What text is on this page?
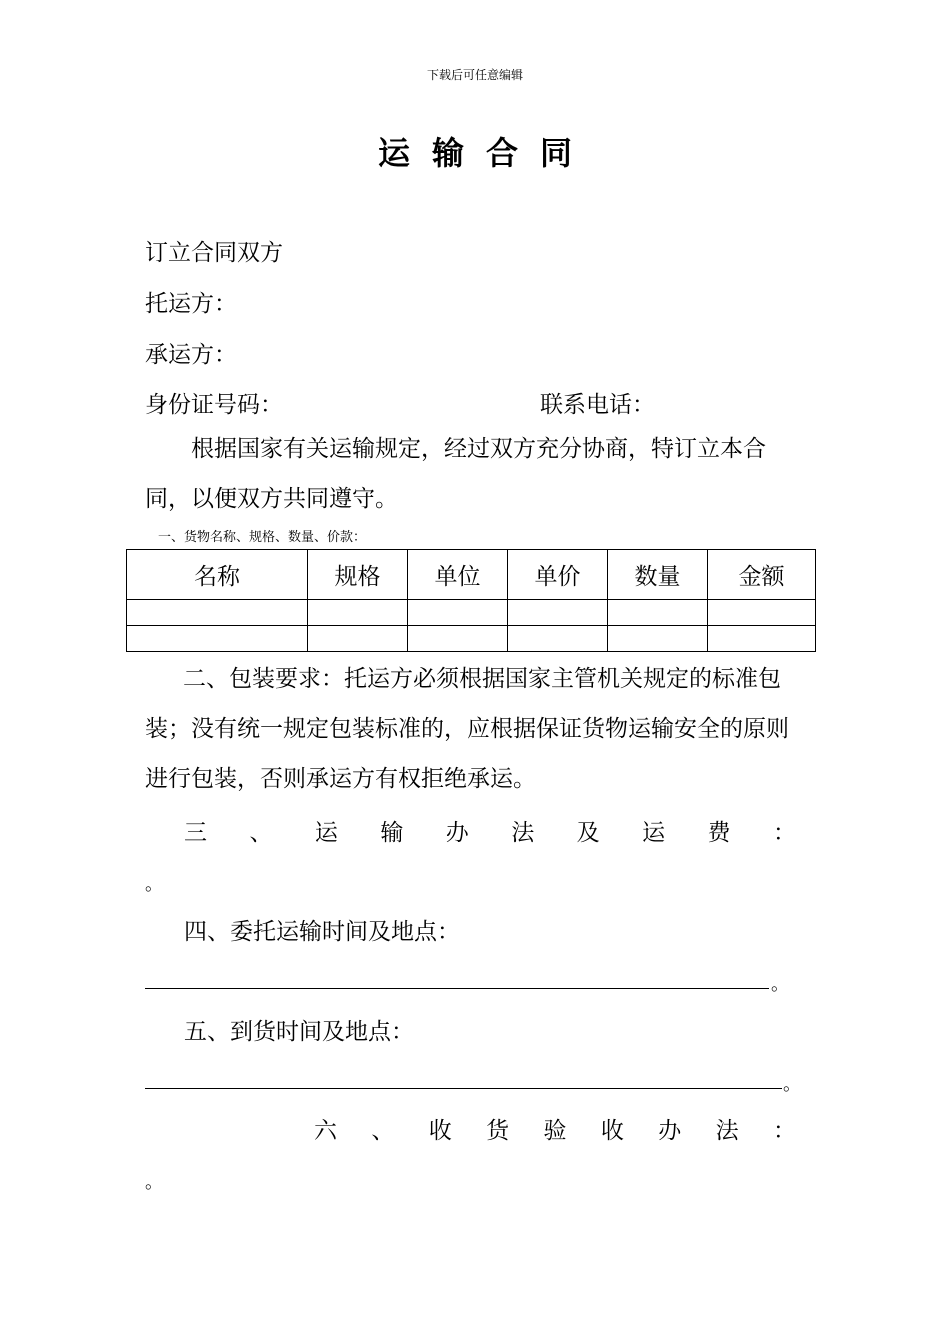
下载后可任意编辑
运输合同
订立合同双方
托运方：
承运方：
身份证号码：	联系电话：
根据国家有关运输规定，经过双方充分协商，特订立本合同，以便双方共同遵守。
一、货物名称、规格、数量、价款：
名称	规格	单位	单价	数量	金额

二、包装要求：托运方必须根据国家主管机关规定的标准包装；没有统一规定包装标准的，应根据保证货物运输安全的原则进行包装，否则承运方有权拒绝承运。
三 、 运 输 办 法 及 运 费 ：
。
四、委托运输时间及地点：
。
五、到货时间及地点：
。
六 、 收 货 验 收 办 法 ：
。
